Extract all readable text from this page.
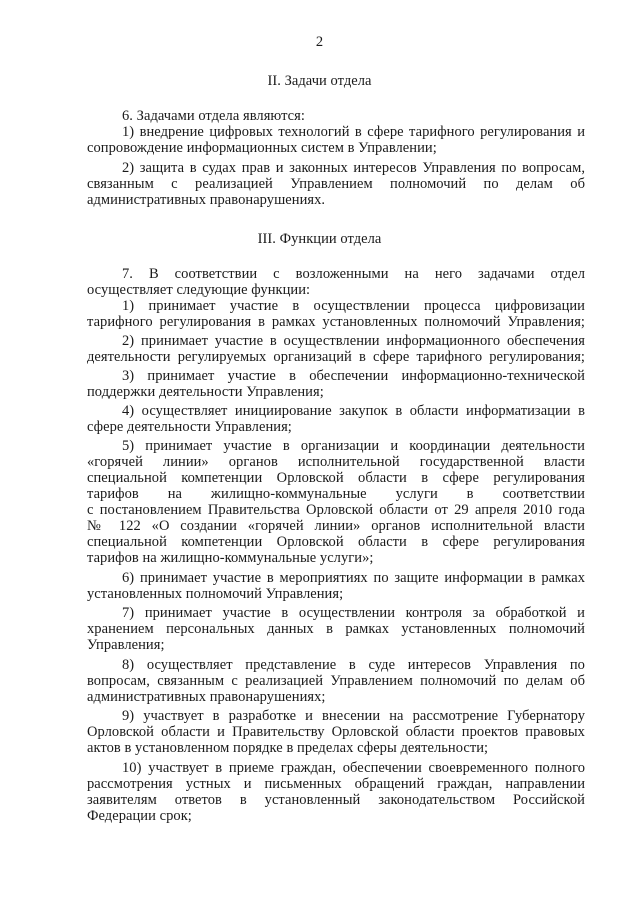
2
II. Задачи отдела
6. Задачами отдела являются:
1) внедрение цифровых технологий в сфере тарифного регулирования и
сопровождение информационных систем в Управлении;
2) защита в судах прав и законных интересов Управления по вопросам,
связанным с реализацией Управлением полномочий по делам об
административных правонарушениях.
III. Функции отдела
7. В соответствии с возложенными на него задачами отдел
осуществляет следующие функции:
1) принимает участие в осуществлении процесса цифровизации
тарифного регулирования в рамках установленных полномочий Управления;
2) принимает участие в осуществлении информационного обеспечения
деятельности регулируемых организаций в сфере тарифного регулирования;
3) принимает участие в обеспечении информационно-технической
поддержки деятельности Управления;
4) осуществляет инициирование закупок в области информатизации в
сфере деятельности Управления;
5) принимает участие в организации и координации деятельности
«горячей линии» органов исполнительной государственной власти
специальной компетенции Орловской области в сфере регулирования
тарифов на жилищно-коммунальные услуги в соответствии
с постановлением Правительства Орловской области от 29 апреля 2010 года
№ 122 «О создании «горячей линии» органов исполнительной власти
специальной компетенции Орловской области в сфере регулирования
тарифов на жилищно-коммунальные услуги»;
6) принимает участие в мероприятиях по защите информации в рамках
установленных полномочий Управления;
7) принимает участие в осуществлении контроля за обработкой и
хранением персональных данных в рамках установленных полномочий
Управления;
8) осуществляет представление в суде интересов Управления по
вопросам, связанным с реализацией Управлением полномочий по делам об
административных правонарушениях;
9) участвует в разработке и внесении на рассмотрение Губернатору
Орловской области и Правительству Орловской области проектов правовых
актов в установленном порядке в пределах сферы деятельности;
10) участвует в приеме граждан, обеспечении своевременного полного
рассмотрения устных и письменных обращений граждан, направлении
заявителям ответов в установленный законодательством Российской
Федерации срок;
